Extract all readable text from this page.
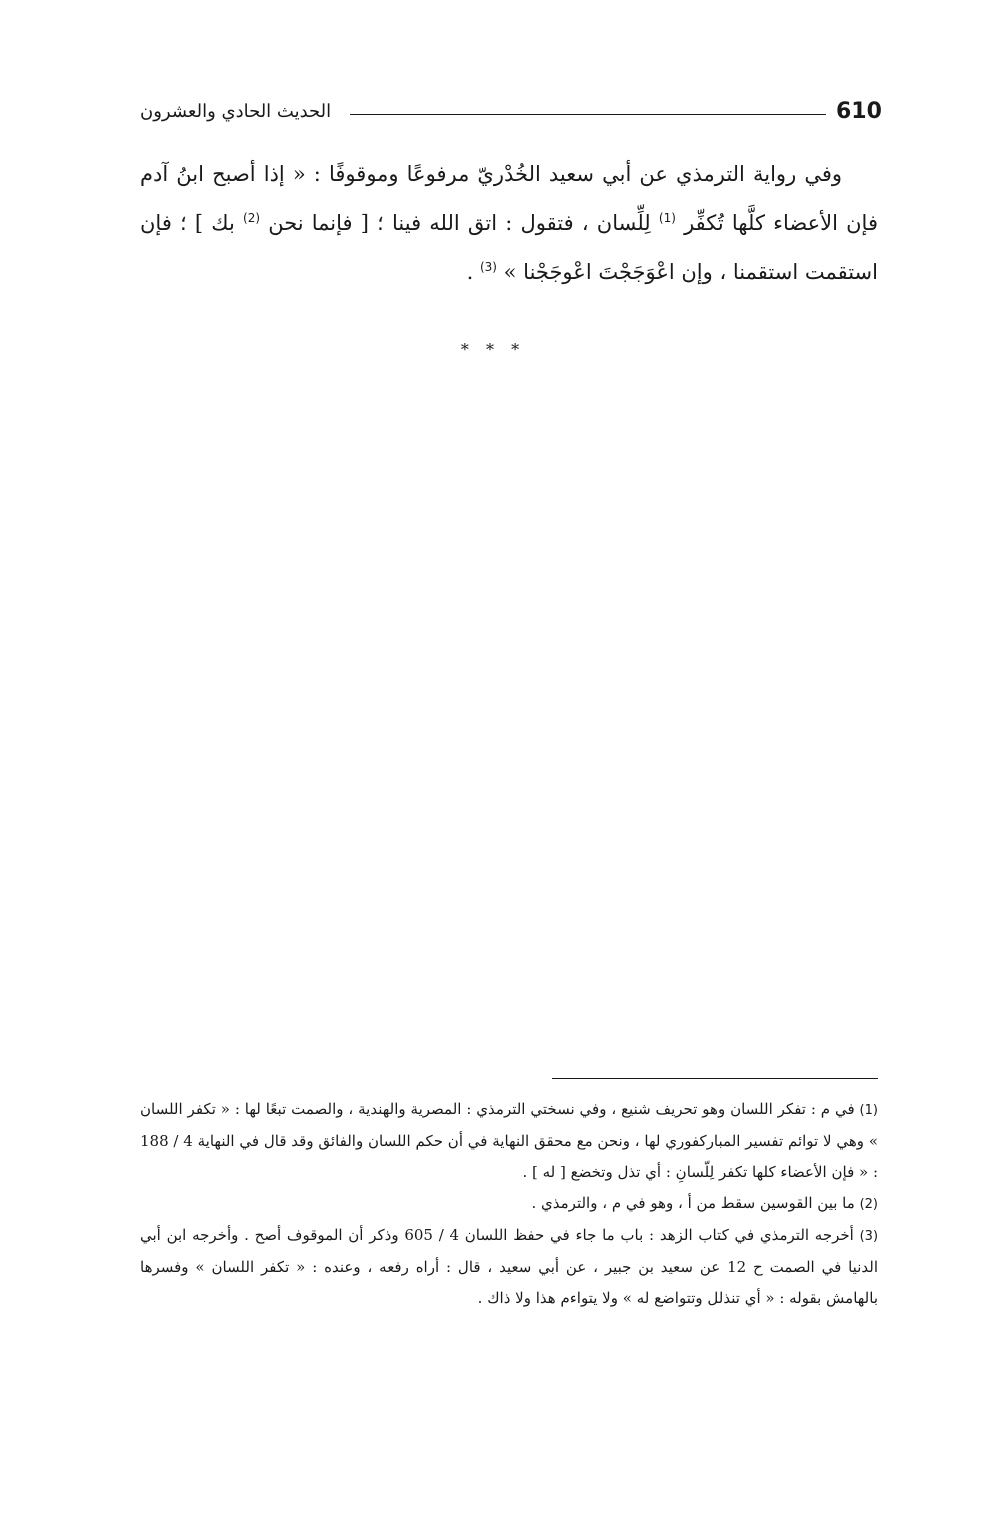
الحديث الحادي والعشرون	610

وفي رواية الترمذي عن أبي سعيد الخُدْريّ مرفوعًا وموقوفًا : « إذا أصبح ابنُ آدم فإن الأعضاء كلَّها تُكفِّر $^{(1)}$ لِلِّسان ، فتقول : اتق الله فينا ؛ [ فإنما نحن $^{(2)}$ بك ] ؛ فإن استقمت استقمنا ، وإن اعْوَجَجْتَ اعْوجَجْنا » $^{(3)}$ .

* * *

(1) في م : تفكر اللسان وهو تحريف شنيع ، وفي نسختي الترمذي : المصرية والهندية ، والصمت تبعًا لها : « تكفر اللسان » وهي لا توائم تفسير المباركفوري لها ، ونحن مع محقق النهاية في أن حكم اللسان والفائق وقد قال في النهاية 4 / 188 : « فإن الأعضاء كلها تكفر لِلّسانِ : أي تذل وتخضع [ له ] .

(2) ما بين القوسين سقط من أ ، وهو في م ، والترمذي .

(3) أخرجه الترمذي في كتاب الزهد : باب ما جاء في حفظ اللسان 4 / 605 وذكر أن الموقوف أصح . وأخرجه ابن أبي الدنيا في الصمت ح 12 عن سعيد بن جبير ، عن أبي سعيد ، قال : أراه رفعه ، وعنده : « تكفر اللسان » وفسرها بالهامش بقوله : « أي تنذلل وتتواضع له » ولا يتواءم هذا ولا ذاك .
